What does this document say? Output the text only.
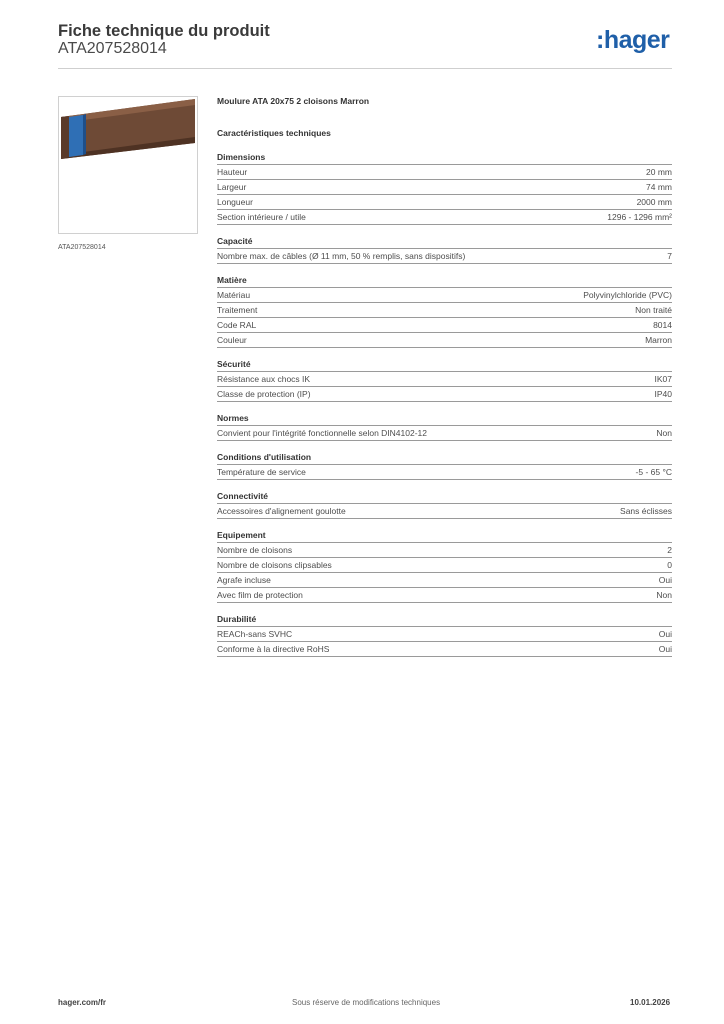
Fiche technique du produit
ATA207528014	:hager
ATA207528014
Moulure ATA 20x75 2 cloisons Marron
Caractéristiques techniques
Dimensions
Hauteur	20 mm
Largeur	74 mm
Longueur	2000 mm
Section intérieure / utile	1296 - 1296 mm²
Capacité
Nombre max. de câbles (Ø 11 mm, 50 % remplis, sans dispositifs)	7
Matière
Matériau	Polyvinylchloride (PVC)
Traitement	Non traité
Code RAL	8014
Couleur	Marron
Sécurité
Résistance aux chocs IK	IK07
Classe de protection (IP)	IP40
Normes
Convient pour l'intégrité fonctionnelle selon DIN4102-12	Non
Conditions d'utilisation
Température de service	-5 - 65 °C
Connectivité
Accessoires d'alignement goulotte	Sans éclisses
Equipement
Nombre de cloisons	2
Nombre de cloisons clipsables	0
Agrafe incluse	Oui
Avec film de protection	Non
Durabilité
REACh-sans SVHC	Oui
Conforme à la directive RoHS	Oui
hager.com/fr	Sous réserve de modifications techniques	10.01.2026
